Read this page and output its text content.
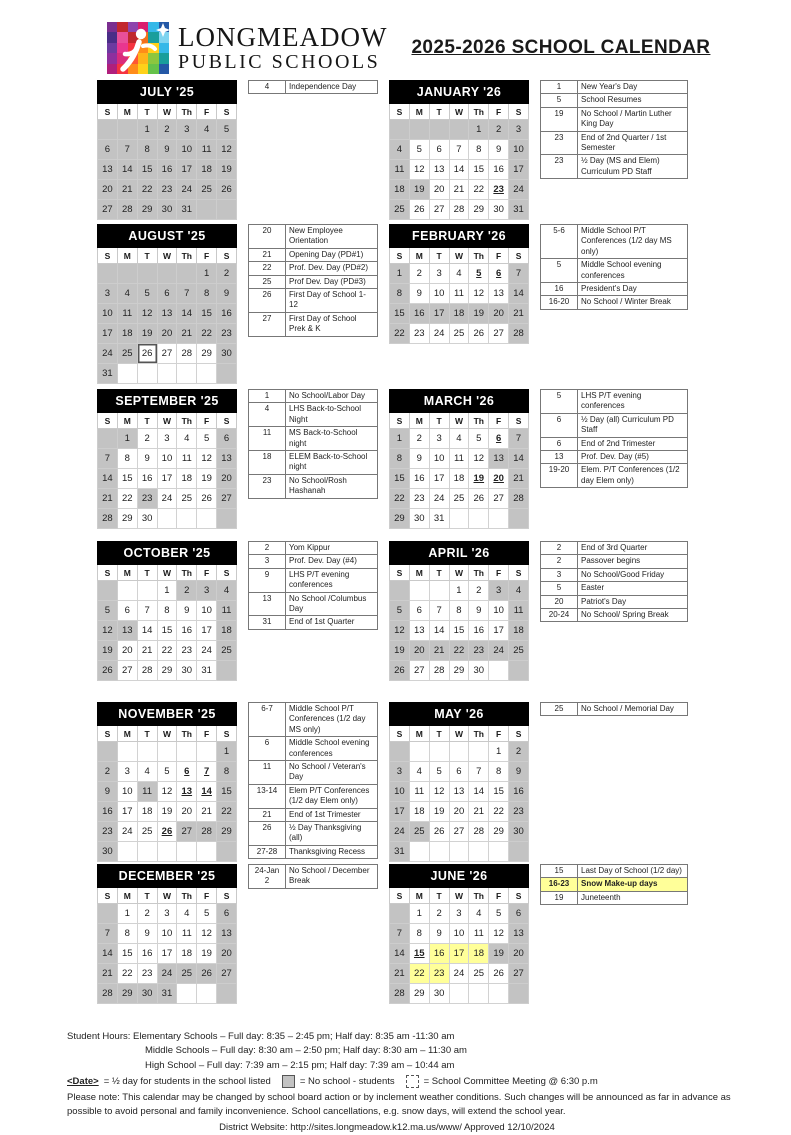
LONGMEADOW
PUBLIC SCHOOLS
2025-2026 SCHOOL CALENDAR
JULY '25						
S	M	T	W	Th	F	S
		1	2	3	4	5
6	7	8	9	10	11	12
13	14	15	16	17	18	19
20	21	22	23	24	25	26
27	28	29	30	31		
4	Independence Day	JANUARY '26						
S	M	T	W	Th	F	S
				1	2	3
4	5	6	7	8	9	10
11	12	13	14	15	16	17
18	19	20	21	22	23	24
25	26	27	28	29	30	31
1	New Year's Day
5	School Resumes
19	No School / Martin Luther King Day
23	End of 2nd Quarter / 1st Semester
23	½ Day (MS and Elem) Curriculum PD Staff
AUGUST '25						
S	M	T	W	Th	F	S
					1	2
3	4	5	6	7	8	9
10	11	12	13	14	15	16
17	18	19	20	21	22	23
24	25	26	27	28	29	30
31						
20	New Employee Orientation
21	Opening Day (PD#1)
22	Prof. Dev. Day (PD#2)
25	Prof Dev. Day (PD#3)
26	First Day of School 1-12
27	First Day of School Prek & K
FEBRUARY '26						
S	M	T	W	Th	F	S
1	2	3	4	5	6	7
8	9	10	11	12	13	14
15	16	17	18	19	20	21
22	23	24	25	26	27	28
5-6	Middle School P/T Conferences (1/2 day MS only)
5	Middle School evening conferences
16	President's Day
16-20	No School / Winter Break
SEPTEMBER '25						
S	M	T	W	Th	F	S
	1	2	3	4	5	6
7	8	9	10	11	12	13
14	15	16	17	18	19	20
21	22	23	24	25	26	27
28	29	30				
1	No School/Labor Day
4	LHS Back-to-School Night
11	MS Back-to-School night
18	ELEM Back-to-School night
23	No School/Rosh Hashanah
MARCH '26						
S	M	T	W	Th	F	S
1	2	3	4	5	6	7
8	9	10	11	12	13	14
15	16	17	18	19	20	21
22	23	24	25	26	27	28
29	30	31				
5	LHS P/T evening conferences
6	½ Day (all) Curriculum PD Staff
6	End of 2nd Trimester
13	Prof. Dev. Day (#5)
19-20	Elem. P/T Conferences (1/2 day Elem only)
OCTOBER '25						
S	M	T	W	Th	F	S
			1	2	3	4
5	6	7	8	9	10	11
12	13	14	15	16	17	18
19	20	21	22	23	24	25
26	27	28	29	30	31	
2	Yom Kippur
3	Prof. Dev. Day (#4)
9	LHS P/T evening conferences
13	No School /Columbus Day
31	End of 1st Quarter
APRIL '26						
S	M	T	W	Th	F	S
			1	2	3	4
5	6	7	8	9	10	11
12	13	14	15	16	17	18
19	20	21	22	23	24	25
26	27	28	29	30		
2	End of 3rd Quarter
2	Passover begins
3	No School/Good Friday
5	Easter
20	Patriot's Day
20-24	No School/ Spring Break
NOVEMBER '25						
S	M	T	W	Th	F	S
						1
2	3	4	5	6	7	8
9	10	11	12	13	14	15
16	17	18	19	20	21	22
23	24	25	26	27	28	29
30						
6-7	Middle School P/T Conferences (1/2 day MS only)
6	Middle School evening conferences
11	No School / Veteran's Day
13-14	Elem P/T Conferences (1/2 day Elem only)
21	End of 1st Trimester
26	½ Day Thanksgiving (all)
27-28	Thanksgiving Recess
MAY '26						
S	M	T	W	Th	F	S
					1	2
3	4	5	6	7	8	9
10	11	12	13	14	15	16
17	18	19	20	21	22	23
24	25	26	27	28	29	30
31						
25	No School / Memorial Day
DECEMBER '25						
S	M	T	W	Th	F	S
	1	2	3	4	5	6
7	8	9	10	11	12	13
14	15	16	17	18	19	20
21	22	23	24	25	26	27
28	29	30	31			
24-Jan 2	No School / December Break	JUNE '26						
S	M	T	W	Th	F	S
	1	2	3	4	5	6
7	8	9	10	11	12	13
14	15	16	17	18	19	20
21	22	23	24	25	26	27
28	29	30				
15	Last Day of School (1/2 day)
16-23	Snow Make-up days
19	Juneteenth
Student Hours: Elementary Schools – Full day: 8:35 – 2:45 pm; Half day: 8:35 am -11:30 am
Middle Schools – Full day: 8:30 am – 2:50 pm; Half day: 8:30 am – 11:30 am
High School – Full day: 7:39 am – 2:15 pm; Half day: 7:39 am – 10:44 am
<Date> = ½ day for students in the school listed	= No school - students	= School Committee Meeting @ 6:30 p.m
Please note: This calendar may be changed by school board action or by inclement weather conditions. Such changes will be announced as far in advance as possible to avoid personal and family inconvenience. School cancellations, e.g. snow days, will extend the school year.
District Website: http://sites.longmeadow.k12.ma.us/www/ Approved 12/10/2024
